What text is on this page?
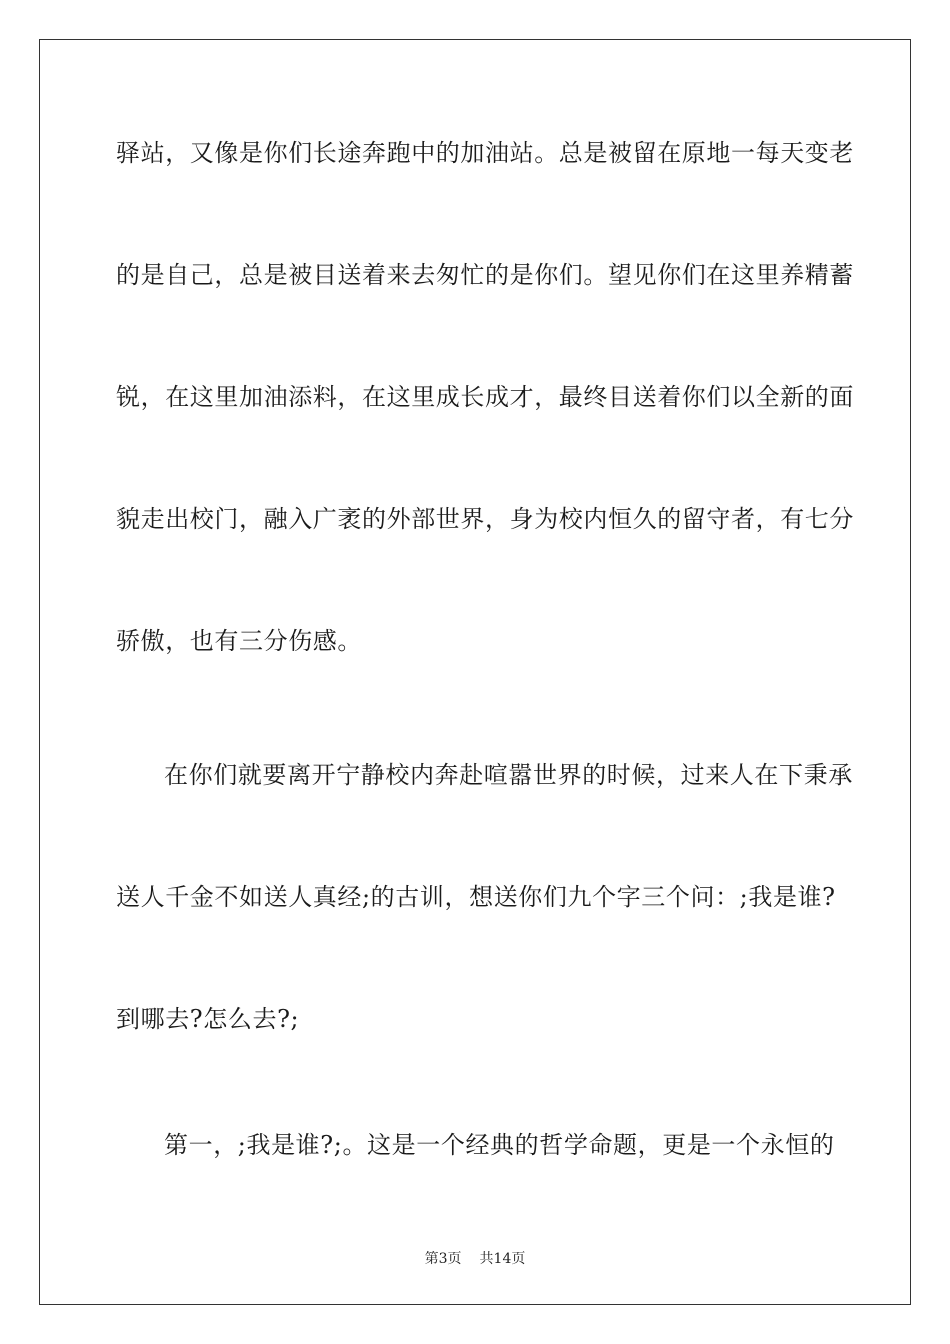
驿站，又像是你们长途奔跑中的加油站。总是被留在原地一每天变老
的是自己，总是被目送着来去匆忙的是你们。望见你们在这里养精蓄
锐，在这里加油添料，在这里成长成才，最终目送着你们以全新的面
貌走出校门，融入广袤的外部世界，身为校内恒久的留守者，有七分
骄傲，也有三分伤感。
在你们就要离开宁静校内奔赴喧嚣世界的时候，过来人在下秉承
送人千金不如送人真经;的古训，想送你们九个字三个问：;我是谁?
到哪去?怎么去?;
第一，;我是谁?;。这是一个经典的哲学命题，更是一个永恒的
第3页 共14页
